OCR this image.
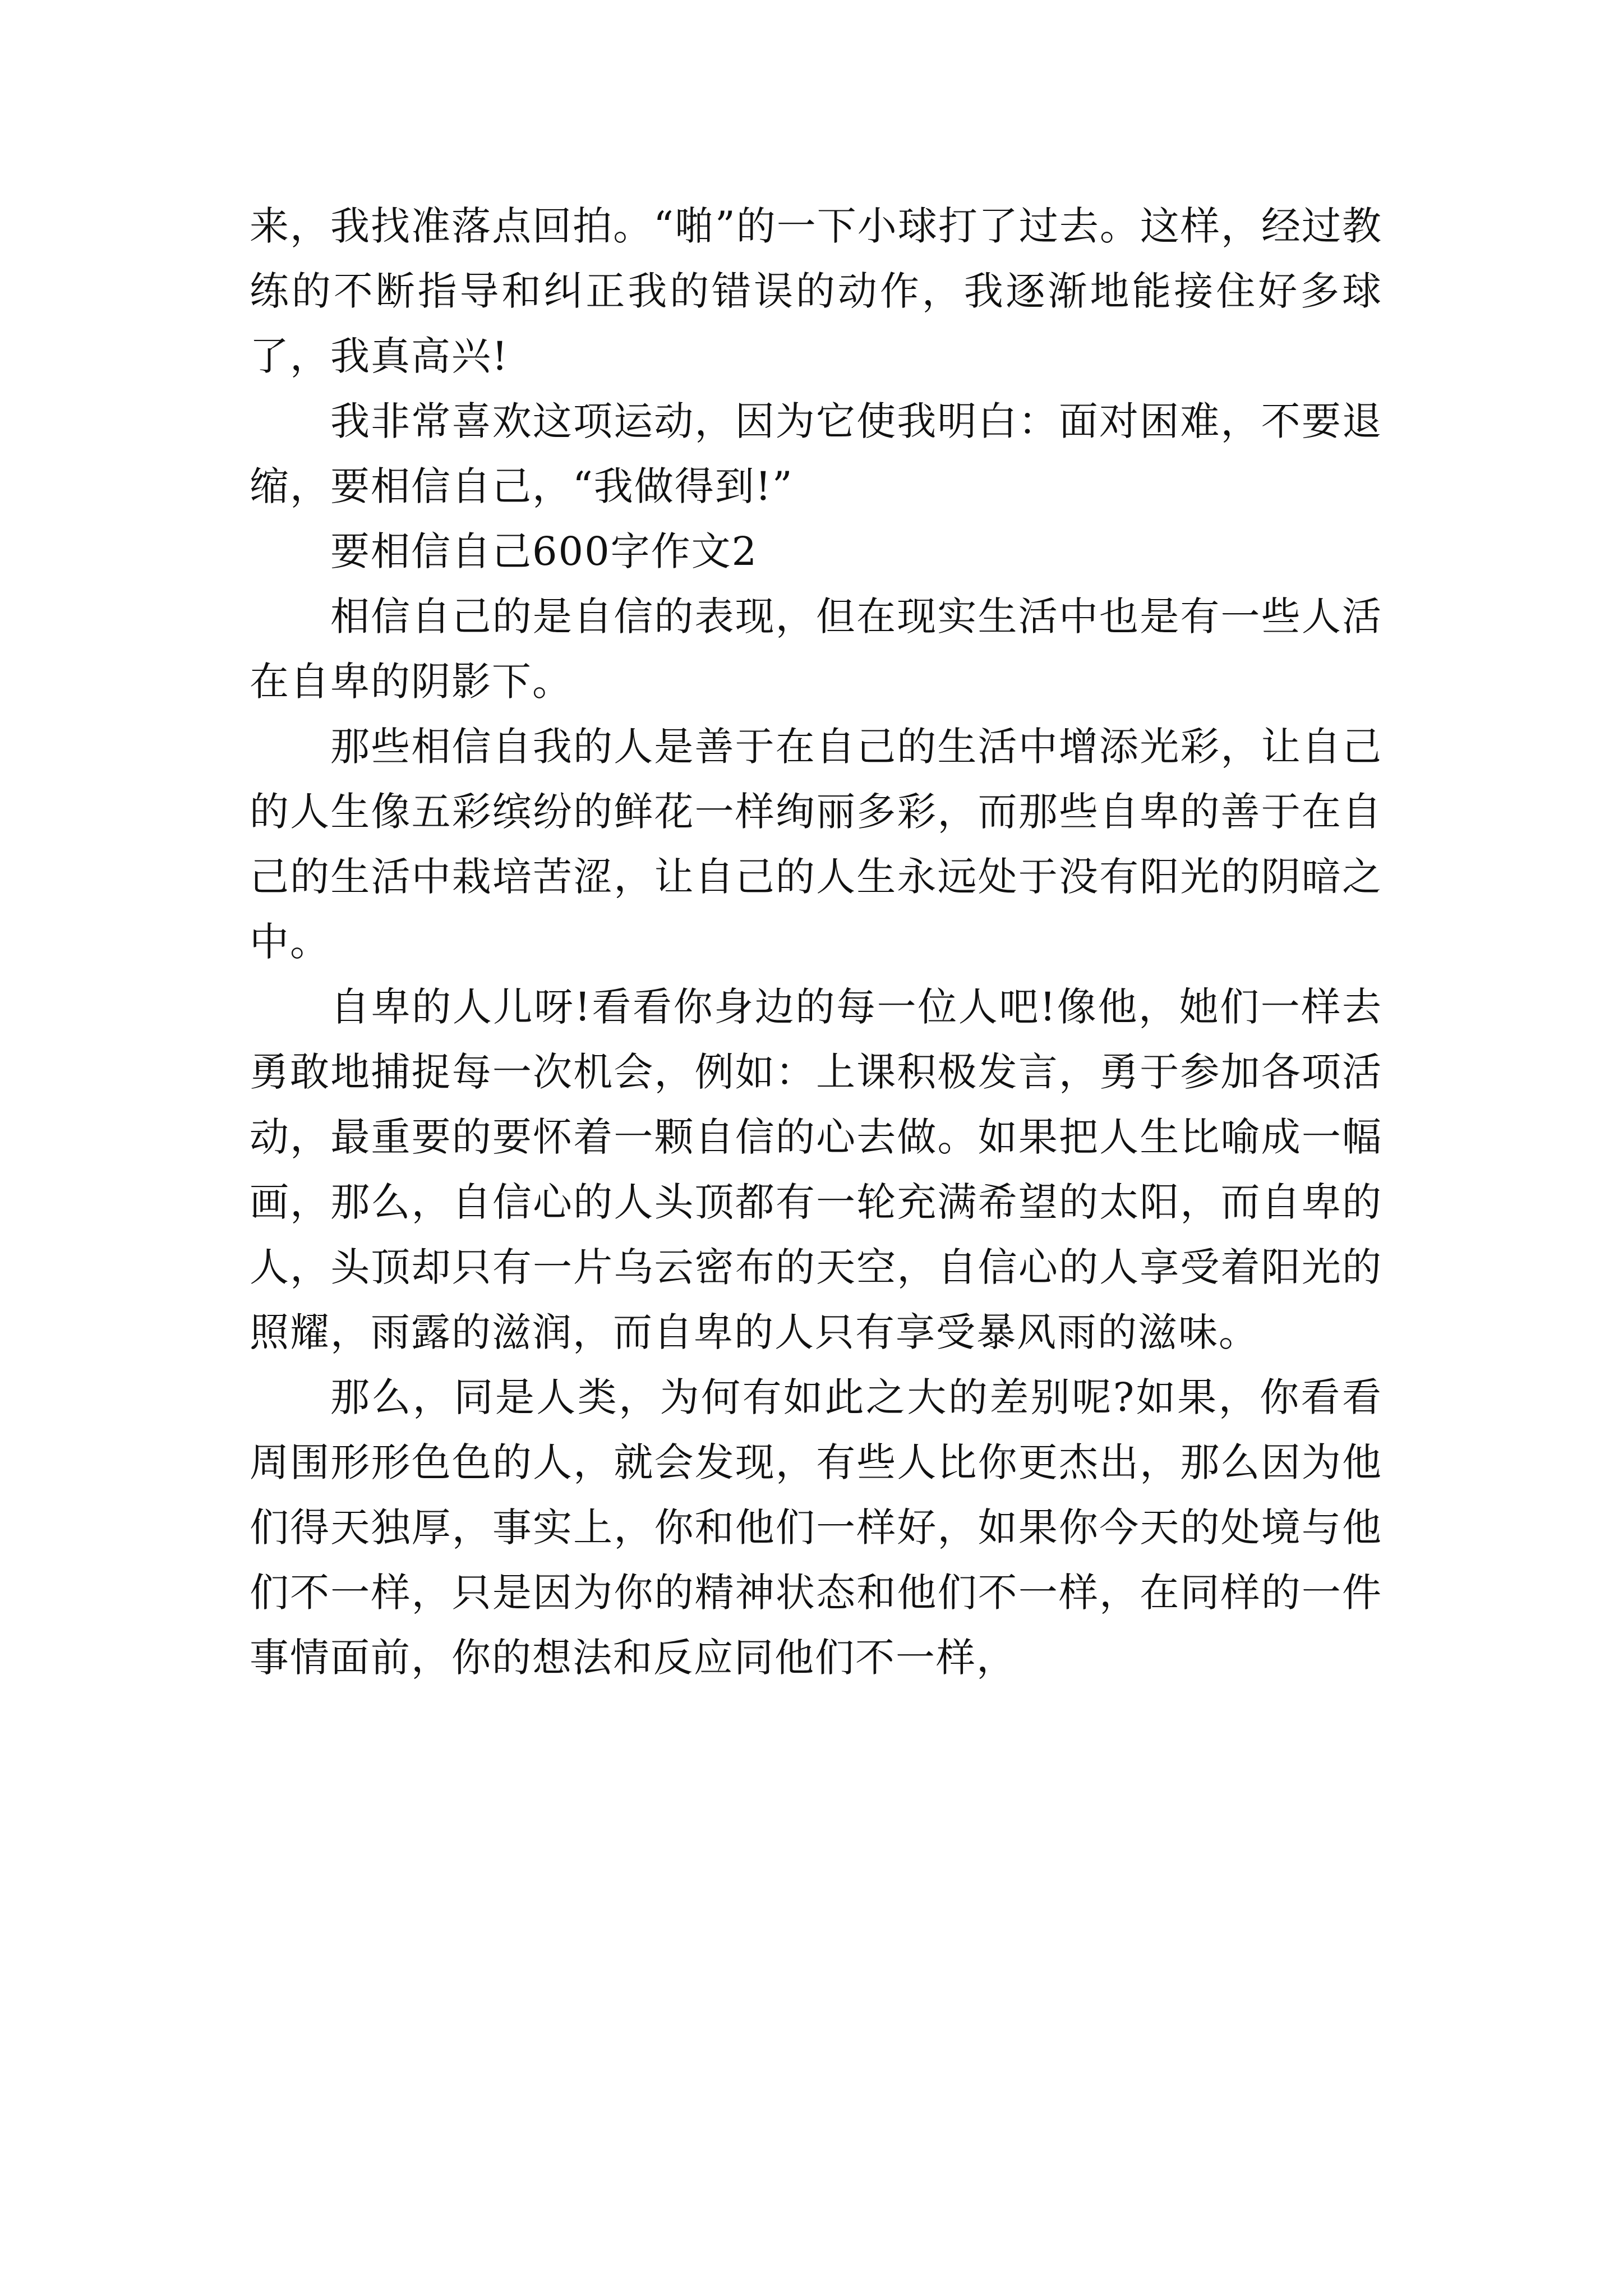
来，我找准落点回拍。“啪”的一下小球打了过去。这样，经过教练的不断指导和纠正我的错误的动作，我逐渐地能接住好多球了，我真高兴!

我非常喜欢这项运动，因为它使我明白：面对困难，不要退缩，要相信自己，“我做得到!”

要相信自己600字作文2

相信自己的是自信的表现，但在现实生活中也是有一些人活在自卑的阴影下。

那些相信自我的人是善于在自己的生活中增添光彩，让自己的人生像五彩缤纷的鲜花一样绚丽多彩，而那些自卑的善于在自己的生活中栽培苦涩，让自己的人生永远处于没有阳光的阴暗之中。

自卑的人儿呀!看看你身边的每一位人吧!像他，她们一样去勇敢地捕捉每一次机会，例如：上课积极发言，勇于参加各项活动，最重要的要怀着一颗自信的心去做。如果把人生比喻成一幅画，那么，自信心的人头顶都有一轮充满希望的太阳，而自卑的人，头顶却只有一片乌云密布的天空，自信心的人享受着阳光的照耀，雨露的滋润，而自卑的人只有享受暴风雨的滋味。

那么，同是人类，为何有如此之大的差别呢?如果，你看看周围形形色色的人，就会发现，有些人比你更杰出，那么因为他们得天独厚，事实上，你和他们一样好，如果你今天的处境与他们不一样，只是因为你的精神状态和他们不一样，在同样的一件事情面前，你的想法和反应同他们不一样，
